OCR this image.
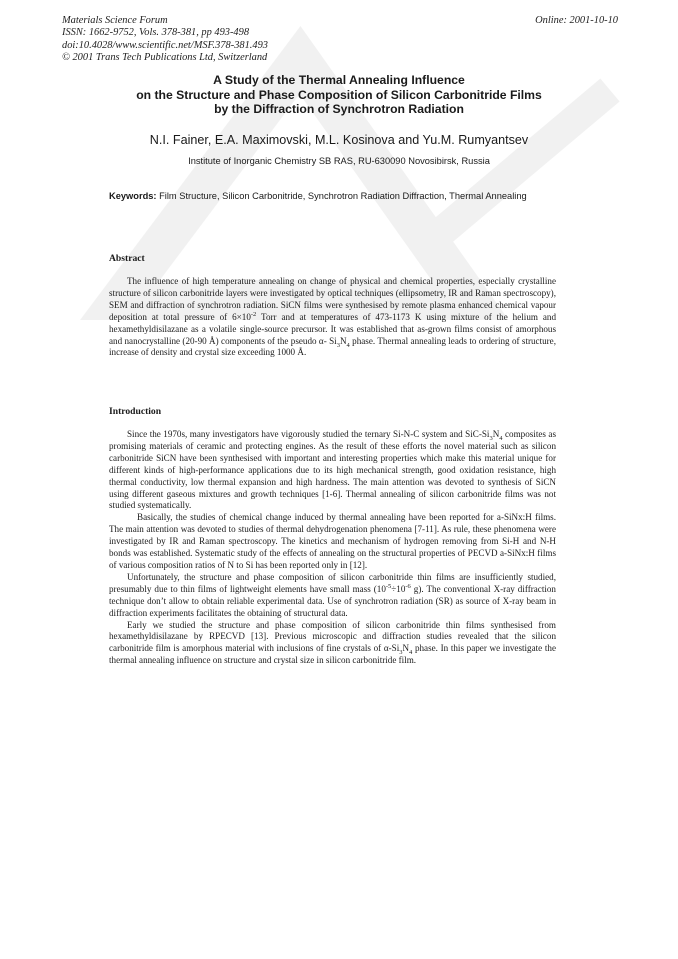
Materials Science Forum
ISSN: 1662-9752, Vols. 378-381, pp 493-498
doi:10.4028/www.scientific.net/MSF.378-381.493
© 2001 Trans Tech Publications Ltd, Switzerland
Online: 2001-10-10
A Study of the Thermal Annealing Influence
on the Structure and Phase Composition of Silicon Carbonitride Films
by the Diffraction of Synchrotron Radiation
N.I. Fainer, E.A. Maximovski, M.L. Kosinova and Yu.M. Rumyantsev
Institute of Inorganic Chemistry SB RAS, RU-630090 Novosibirsk, Russia
Keywords: Film Structure, Silicon Carbonitride, Synchrotron Radiation Diffraction, Thermal Annealing
Abstract

The influence of high temperature annealing on change of physical and chemical properties, especially crystalline structure of silicon carbonitride layers were investigated by optical techniques (ellipsometry, IR and Raman spectroscopy), SEM and diffraction of synchrotron radiation. SiCN films were synthesised by remote plasma enhanced chemical vapour deposition at total pressure of $6\times 10^{-2}$ Torr and at temperatures of 473-1173 K using mixture of the helium and hexamethyldisilazane as a volatile single-source precursor. It was established that as-grown films consist of amorphous and nanocrystalline (20-90 Å) components of the pseudo α- $Si_3N_4$ phase. Thermal annealing leads to ordering of structure, increase of density and crystal size exceeding 1000 Å.

Introduction

Since the 1970s, many investigators have vigorously studied the ternary Si-N-C system and SiC-$Si_3N_4$ composites as promising materials of ceramic and protecting engines. As the result of these efforts the novel material such as silicon carbonitride SiCN have been synthesised with important and interesting properties which make this material unique for different kinds of high-performance applications due to its high mechanical strength, good oxidation resistance, high thermal conductivity, low thermal expansion and high hardness. The main attention was devoted to synthesis of SiCN using different gaseous mixtures and growth techniques [1-6]. Thermal annealing of silicon carbonitride films was not studied systematically.

Basically, the studies of chemical change induced by thermal annealing have been reported for a-SiNx:H films. The main attention was devoted to studies of thermal dehydrogenation phenomena [7-11]. As rule, these phenomena were investigated by IR and Raman spectroscopy. The kinetics and mechanism of hydrogen removing from Si-H and N-H bonds was established. Systematic study of the effects of annealing on the structural properties of PECVD a-SiNx:H films of various composition ratios of N to Si has been reported only in [12].

Unfortunately, the structure and phase composition of silicon carbonitride thin films are insufficiently studied, presumably due to thin films of lightweight elements have small mass ($10^{-5}\div 10^{-6}$ g). The conventional X-ray diffraction technique don’t allow to obtain reliable experimental data. Use of synchrotron radiation (SR) as source of X-ray beam in diffraction experiments facilitates the obtaining of structural data.

Early we studied the structure and phase composition of silicon carbonitride thin films synthesised from hexamethyldisilazane by RPECVD [13]. Previous microscopic and diffraction studies revealed that the silicon carbonitride film is amorphous material with inclusions of fine crystals of $\alpha-Si_3N_4$ phase. In this paper we investigate the thermal annealing influence on structure and crystal size in silicon carbonitride film.
